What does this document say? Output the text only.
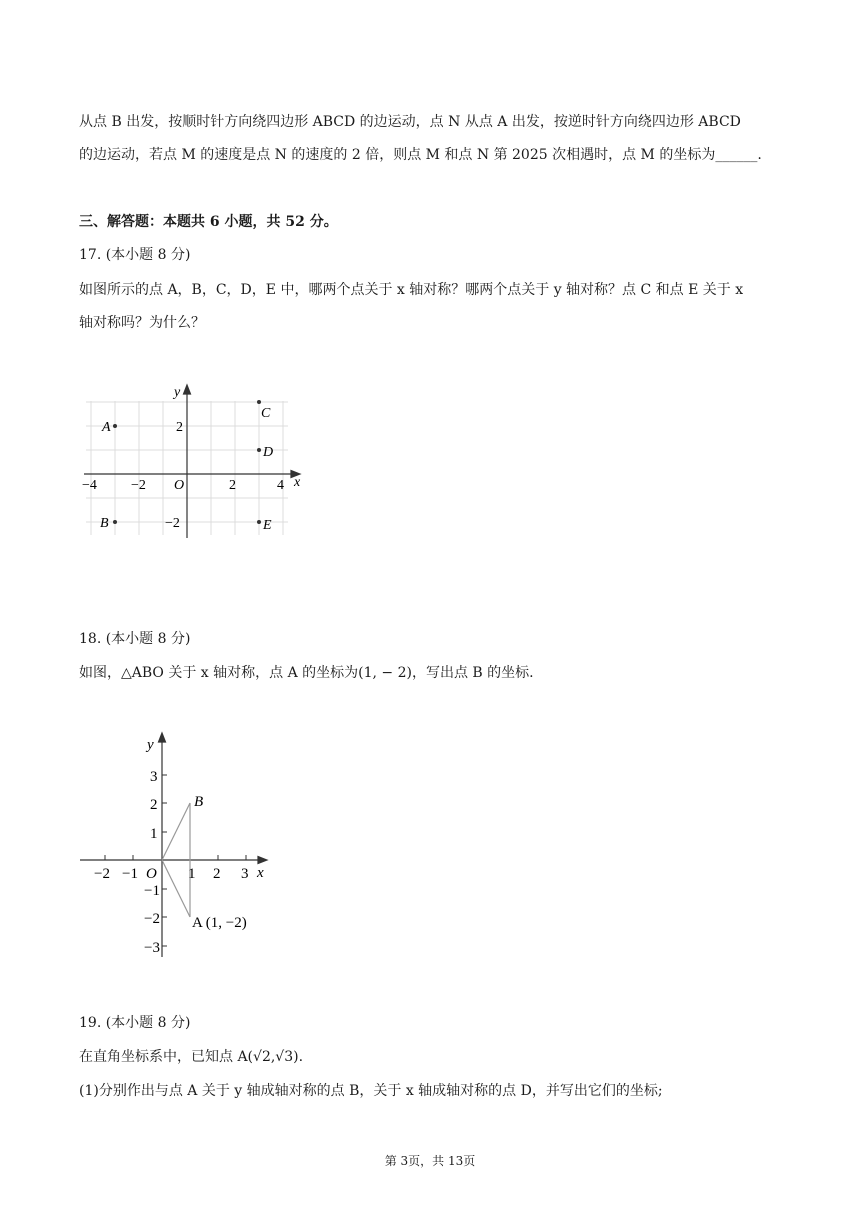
从点 B 出发，按顺时针方向绕四边形 ABCD 的边运动，点 N 从点 A 出发，按逆时针方向绕四边形 ABCD
的边运动，若点 M 的速度是点 N 的速度的 2 倍，则点 M 和点 N 第 2025 次相遇时，点 M 的坐标为______.
三、解答题：本题共 6 小题，共 52 分。
17. (本小题 8 分)
如图所示的点 A，B，C，D，E 中，哪两个点关于 x 轴对称？哪两个点关于 y 轴对称？点 C 和点 E 关于 x
轴对称吗？为什么？
x
y
O
−4 −2	2	4
2
−2
A
B
C
D
E
18. (本小题 8 分)
如图，△ABO 关于 x 轴对称，点 A 的坐标为(1, − 2)，写出点 B 的坐标.
x
y
O
−2 −1	1 2 3
3
2
1
−1
−2
−3
B
A (1, −2)
19. (本小题 8 分)
在直角坐标系中，已知点 A(√2,√3).
(1)分别作出与点 A 关于 y 轴成轴对称的点 B，关于 x 轴成轴对称的点 D，并写出它们的坐标;
第 3页，共 13页
